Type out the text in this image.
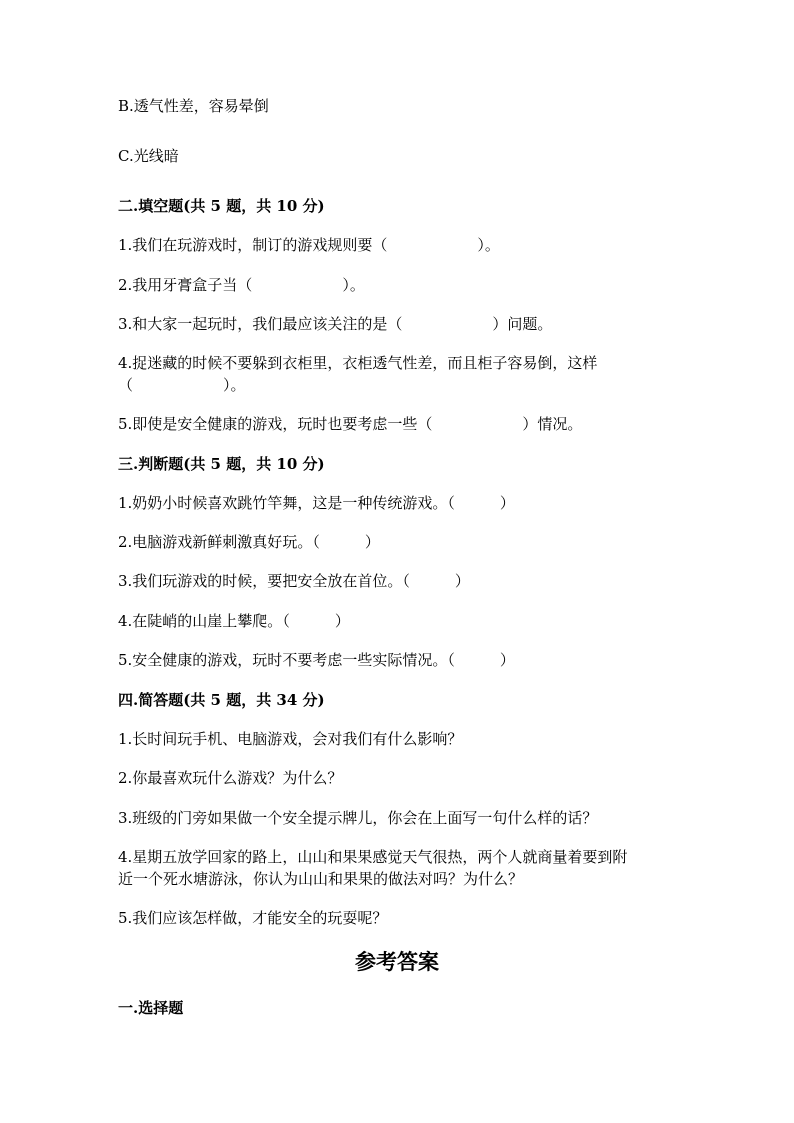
B.透气性差，容易晕倒
C.光线暗
二.填空题(共 5 题，共 10 分)
1.我们在玩游戏时，制订的游戏规则要（　　　　　　）。
2.我用牙膏盒子当（　　　　　　）。
3.和大家一起玩时，我们最应该关注的是（　　　　　　）问题。
4.捉迷藏的时候不要躲到衣柜里，衣柜透气性差，而且柜子容易倒，这样
（　　　　　　）。
5.即使是安全健康的游戏，玩时也要考虑一些（　　　　　　）情况。
三.判断题(共 5 题，共 10 分)
1.奶奶小时候喜欢跳竹竿舞，这是一种传统游戏。（　　　）
2.电脑游戏新鲜刺激真好玩。（　　　）
3.我们玩游戏的时候，要把安全放在首位。（　　　）
4.在陡峭的山崖上攀爬。（　　　）
5.安全健康的游戏，玩时不要考虑一些实际情况。（　　　）
四.简答题(共 5 题，共 34 分)
1.长时间玩手机、电脑游戏，会对我们有什么影响？
2.你最喜欢玩什么游戏？为什么？
3.班级的门旁如果做一个安全提示牌儿，你会在上面写一句什么样的话？
4.星期五放学回家的路上，山山和果果感觉天气很热，两个人就商量着要到附
近一个死水塘游泳，你认为山山和果果的做法对吗？为什么？
5.我们应该怎样做，才能安全的玩耍呢？
参考答案
一.选择题
